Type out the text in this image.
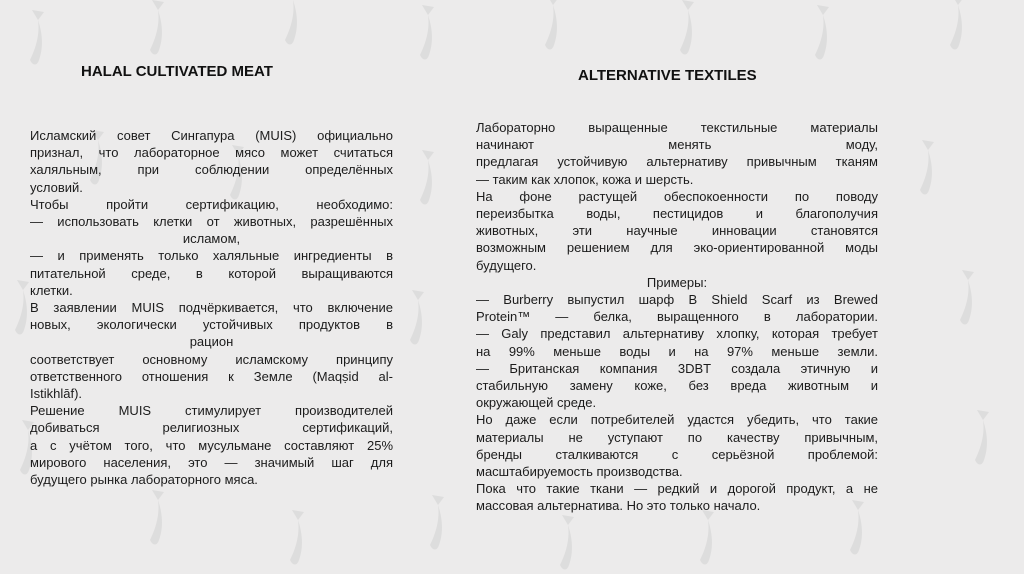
HALAL CULTIVATED MEAT

Исламский совет Сингапура (MUIS) официально

признал, что лабораторное мясо может считаться

халяльным, при соблюдении определённых

условий.

Чтобы пройти сертификацию, необходимо:

— использовать клетки от животных, разрешённых

исламом,

— и применять только халяльные ингредиенты в

питательной среде, в которой выращиваются

клетки.

В заявлении MUIS подчёркивается, что включение

новых, экологически устойчивых продуктов в

рацион

соответствует основному исламскому принципу

ответственного отношения к Земле (Maqṣid al-

Istikhlāf).

Решение MUIS стимулирует производителей

добиваться религиозных сертификаций,

а с учётом того, что мусульмане составляют 25%

мирового населения, это — значимый шаг для

будущего рынка лабораторного мяса.

ALTERNATIVE TEXTILES

Лабораторно выращенные текстильные материалы

начинают менять моду,

предлагая устойчивую альтернативу привычным тканям

— таким как хлопок, кожа и шерсть.

На фоне растущей обеспокоенности по поводу

переизбытка воды, пестицидов и благополучия

животных, эти научные инновации становятся

возможным решением для эко-ориентированной моды

будущего.

Примеры:

— Burberry выпустил шарф B Shield Scarf из Brewed

Protein™ — белка, выращенного в лаборатории.

— Galy представил альтернативу хлопку, которая требует

на 99% меньше воды и на 97% меньше земли.

— Британская компания 3DBT создала этичную и

стабильную замену коже, без вреда животным и

окружающей среде.

Но даже если потребителей удастся убедить, что такие

материалы не уступают по качеству привычным,

бренды сталкиваются с серьёзной проблемой:

масштабируемость производства.

Пока что такие ткани — редкий и дорогой продукт, а не

массовая альтернатива. Но это только начало.
